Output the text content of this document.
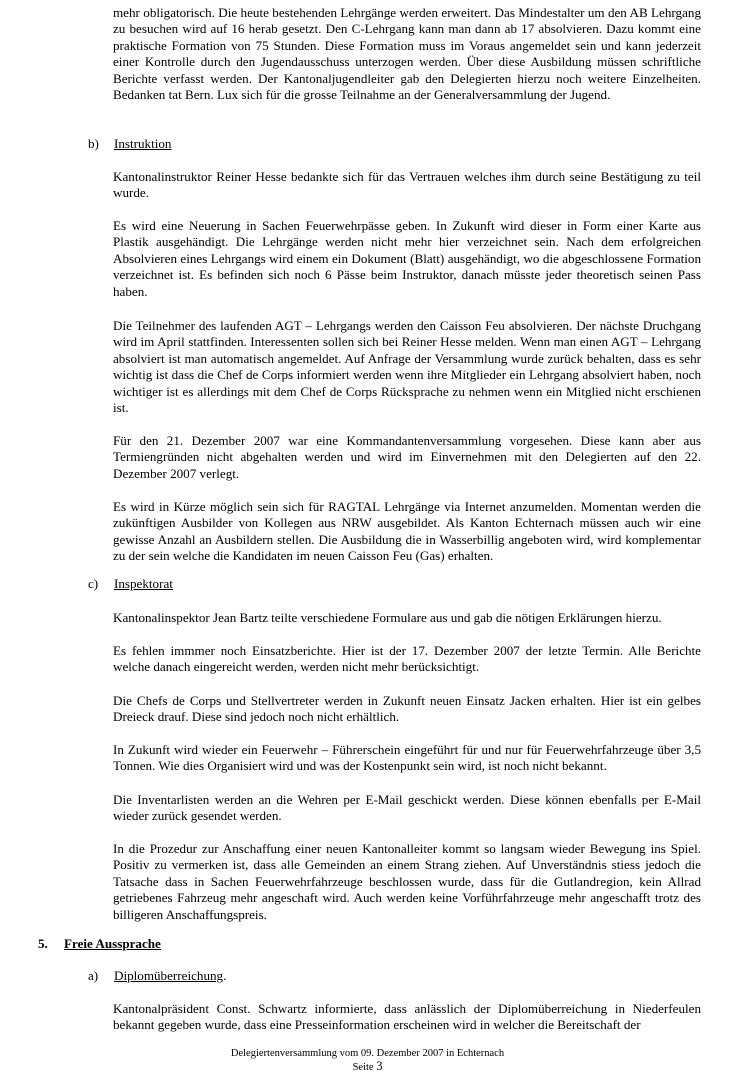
mehr obligatorisch. Die heute bestehenden Lehrgänge werden erweitert. Das Mindestalter um den AB Lehrgang zu besuchen wird auf 16 herab gesetzt. Den C-Lehrgang kann man dann ab 17 absolvieren. Dazu kommt eine praktische Formation von 75 Stunden. Diese Formation muss im Voraus angemeldet sein und kann jederzeit einer Kontrolle durch den Jugendausschuss unterzogen werden. Über diese Ausbildung müssen schriftliche Berichte verfasst werden. Der Kantonaljugendleiter gab den Delegierten hierzu noch weitere Einzelheiten. Bedanken tat Bern. Lux sich für die grosse Teilnahme an der Generalversammlung der Jugend.

b) Instruktion

Kantonalinstruktor Reiner Hesse bedankte sich für das Vertrauen welches ihm durch seine Bestätigung zu teil wurde.

Es wird eine Neuerung in Sachen Feuerwehrpässe geben. In Zukunft wird dieser in Form einer Karte aus Plastik ausgehändigt. Die Lehrgänge werden nicht mehr hier verzeichnet sein. Nach dem erfolgreichen Absolvieren eines Lehrgangs wird einem ein Dokument (Blatt) ausgehändigt, wo die abgeschlossene Formation verzeichnet ist. Es befinden sich noch 6 Pässe beim Instruktor, danach müsste jeder theoretisch seinen Pass haben.

Die Teilnehmer des laufenden AGT – Lehrgangs werden den Caisson Feu absolvieren. Der nächste Druchgang wird im April stattfinden. Interessenten sollen sich bei Reiner Hesse melden. Wenn man einen AGT – Lehrgang absolviert ist man automatisch angemeldet. Auf Anfrage der Versammlung wurde zurück behalten, dass es sehr wichtig ist dass die Chef de Corps informiert werden wenn ihre Mitglieder ein Lehrgang absolviert haben, noch wichtiger ist es allerdings mit dem Chef de Corps Rücksprache zu nehmen wenn ein Mitglied nicht erschienen ist.

Für den 21. Dezember 2007 war eine Kommandantenversammlung vorgesehen. Diese kann aber aus Termiengründen nicht abgehalten werden und wird im Einvernehmen mit den Delegierten auf den 22. Dezember 2007 verlegt.

Es wird in Kürze möglich sein sich für RAGTAL Lehrgänge via Internet anzumelden. Momentan werden die zukünftigen Ausbilder von Kollegen aus NRW ausgebildet. Als Kanton Echternach müssen auch wir eine gewisse Anzahl an Ausbildern stellen. Die Ausbildung die in Wasserbillig angeboten wird, wird komplementar zu der sein welche die Kandidaten im neuen Caisson Feu (Gas) erhalten.

c) Inspektorat

Kantonalinspektor Jean Bartz teilte verschiedene Formulare aus und gab die nötigen Erklärungen hierzu.

Es fehlen immmer noch Einsatzberichte. Hier ist der 17. Dezember 2007 der letzte Termin. Alle Berichte welche danach eingereicht werden, werden nicht mehr berücksichtigt.

Die Chefs de Corps und Stellvertreter werden in Zukunft neuen Einsatz Jacken erhalten. Hier ist ein gelbes Dreieck drauf. Diese sind jedoch noch nicht erhältlich.

In Zukunft wird wieder ein Feuerwehr – Führerschein eingeführt für und nur für Feuerwehrfahrzeuge über 3,5 Tonnen. Wie dies Organisiert wird und was der Kostenpunkt sein wird, ist noch nicht bekannt.

Die Inventarlisten werden an die Wehren per E-Mail geschickt werden. Diese können ebenfalls per E-Mail wieder zurück gesendet werden.

In die Prozedur zur Anschaffung einer neuen Kantonalleiter kommt so langsam wieder Bewegung ins Spiel. Positiv zu vermerken ist, dass alle Gemeinden an einem Strang ziehen. Auf Unverständnis stiess jedoch die Tatsache dass in Sachen Feuerwehrfahrzeuge beschlossen wurde, dass für die Gutlandregion, kein Allrad getriebenes Fahrzeug mehr angeschaft wird. Auch werden keine Vorführfahrzeuge mehr angeschafft trotz des billigeren Anschaffungspreis.

5. Freie Aussprache
a) Diplomüberreichung.

Kantonalpräsident Const. Schwartz informierte, dass anlässlich der Diplomüberreichung in Niederfeulen bekannt gegeben wurde, dass eine Presseinformation erscheinen wird in welcher die Bereitschaft der

Delegiertenversammlung vom 09. Dezember 2007 in Echternach
Seite 3
